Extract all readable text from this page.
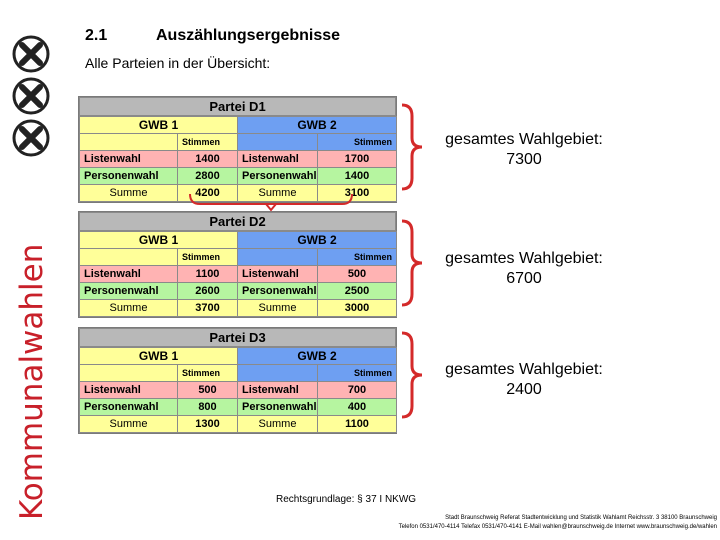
Kommunalwahlen
2.1	Auszählungsergebnisse
Alle Parteien in der Übersicht:
Partei D1
GWB 1		GWB 2	
	Stimmen		Stimmen
Listenwahl	1400	Listenwahl	1700
Personenwahl	2800	Personenwahl	1400
Summe	4200	Summe	3100
Partei D2
GWB 1		GWB 2	
	Stimmen		Stimmen
Listenwahl	1100	Listenwahl	500
Personenwahl	2600	Personenwahl	2500
Summe	3700	Summe	3000
Partei D3
GWB 1		GWB 2	
	Stimmen		Stimmen
Listenwahl	500	Listenwahl	700
Personenwahl	800	Personenwahl	400
Summe	1300	Summe	1100
gesamtes Wahlgebiet:
7300
gesamtes Wahlgebiet:
6700
gesamtes Wahlgebiet:
2400
Rechtsgrundlage: § 37 I NKWG
Stadt Braunschweig Referat Stadtentwicklung und Statistik Wahlamt Reichsstr. 3 38100 Braunschweig
Telefon 0531/470-4114 Telefax 0531/470-4141 E-Mail wahlen@braunschweig.de Internet www.braunschweig.de/wahlen
